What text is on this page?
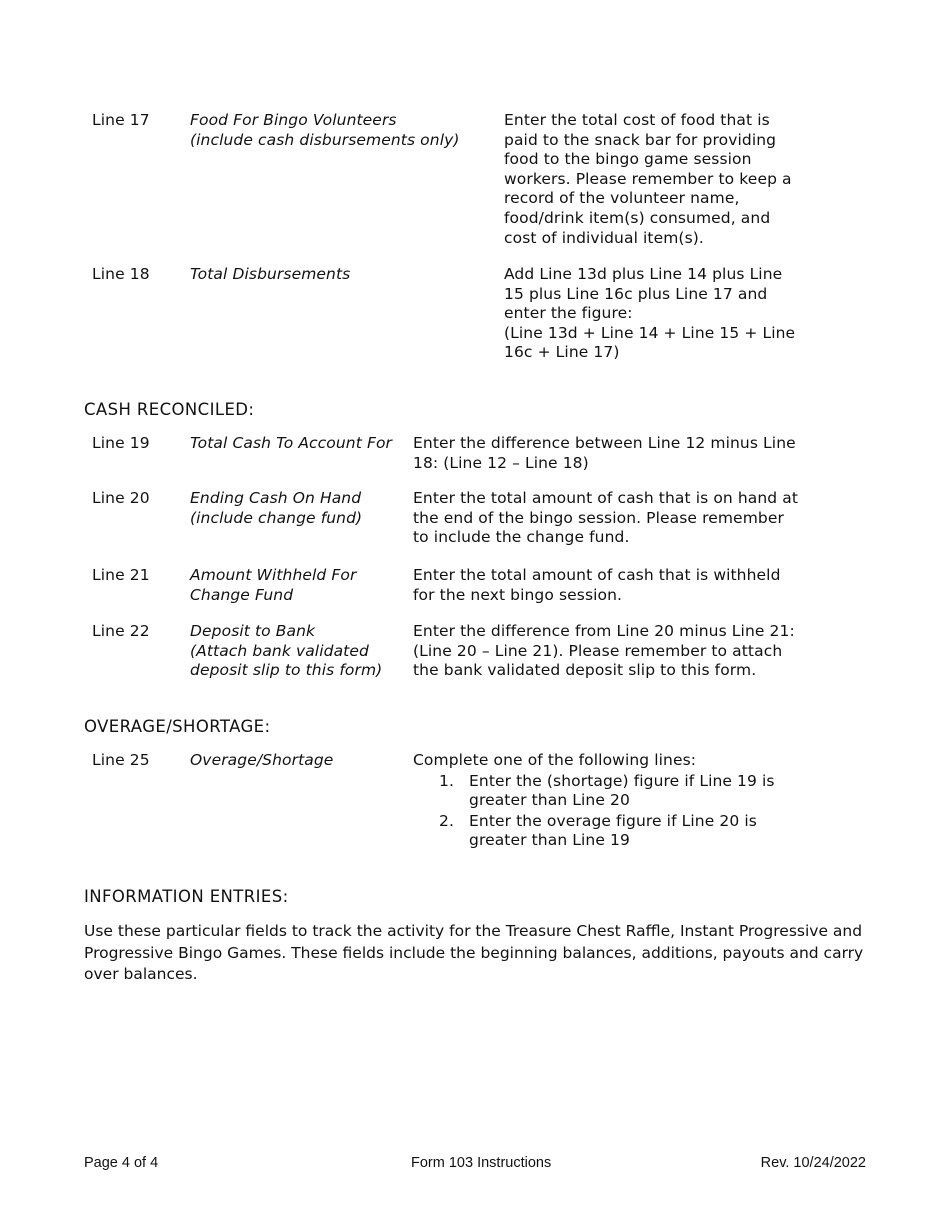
Line 17	Food For Bingo Volunteers
(include cash disbursements only)
Enter the total cost of food that is paid to the snack bar for providing food to the bingo game session workers. Please remember to keep a record of the volunteer name, food/drink item(s) consumed, and cost of individual item(s).
Line 18	Total Disbursements	Add Line 13d plus Line 14 plus Line 15 plus Line 16c plus Line 17 and enter the figure:
(Line 13d + Line 14 + Line 15 + Line 16c + Line 17)
CASH RECONCILED:
Line 19	Total Cash To Account For	Enter the difference between Line 12 minus Line 18: (Line 12 – Line 18)
Line 20	Ending Cash On Hand
(include change fund)
Enter the total amount of cash that is on hand at the end of the bingo session. Please remember to include the change fund.
Line 21	Amount Withheld For Change Fund
Enter the total amount of cash that is withheld for the next bingo session.
Line 22	Deposit to Bank
(Attach bank validated deposit slip to this form)
Enter the difference from Line 20 minus Line 21: (Line 20 – Line 21). Please remember to attach the bank validated deposit slip to this form.
OVERAGE/SHORTAGE:
Line 25	Overage/Shortage	Complete one of the following lines:
1. Enter the (shortage) figure if Line 19 is greater than Line 20
2. Enter the overage figure if Line 20 is greater than Line 19
INFORMATION ENTRIES:
Use these particular fields to track the activity for the Treasure Chest Raffle, Instant Progressive and Progressive Bingo Games. These fields include the beginning balances, additions, payouts and carry over balances.
Page 4 of 4	Form 103 Instructions	Rev. 10/24/2022
